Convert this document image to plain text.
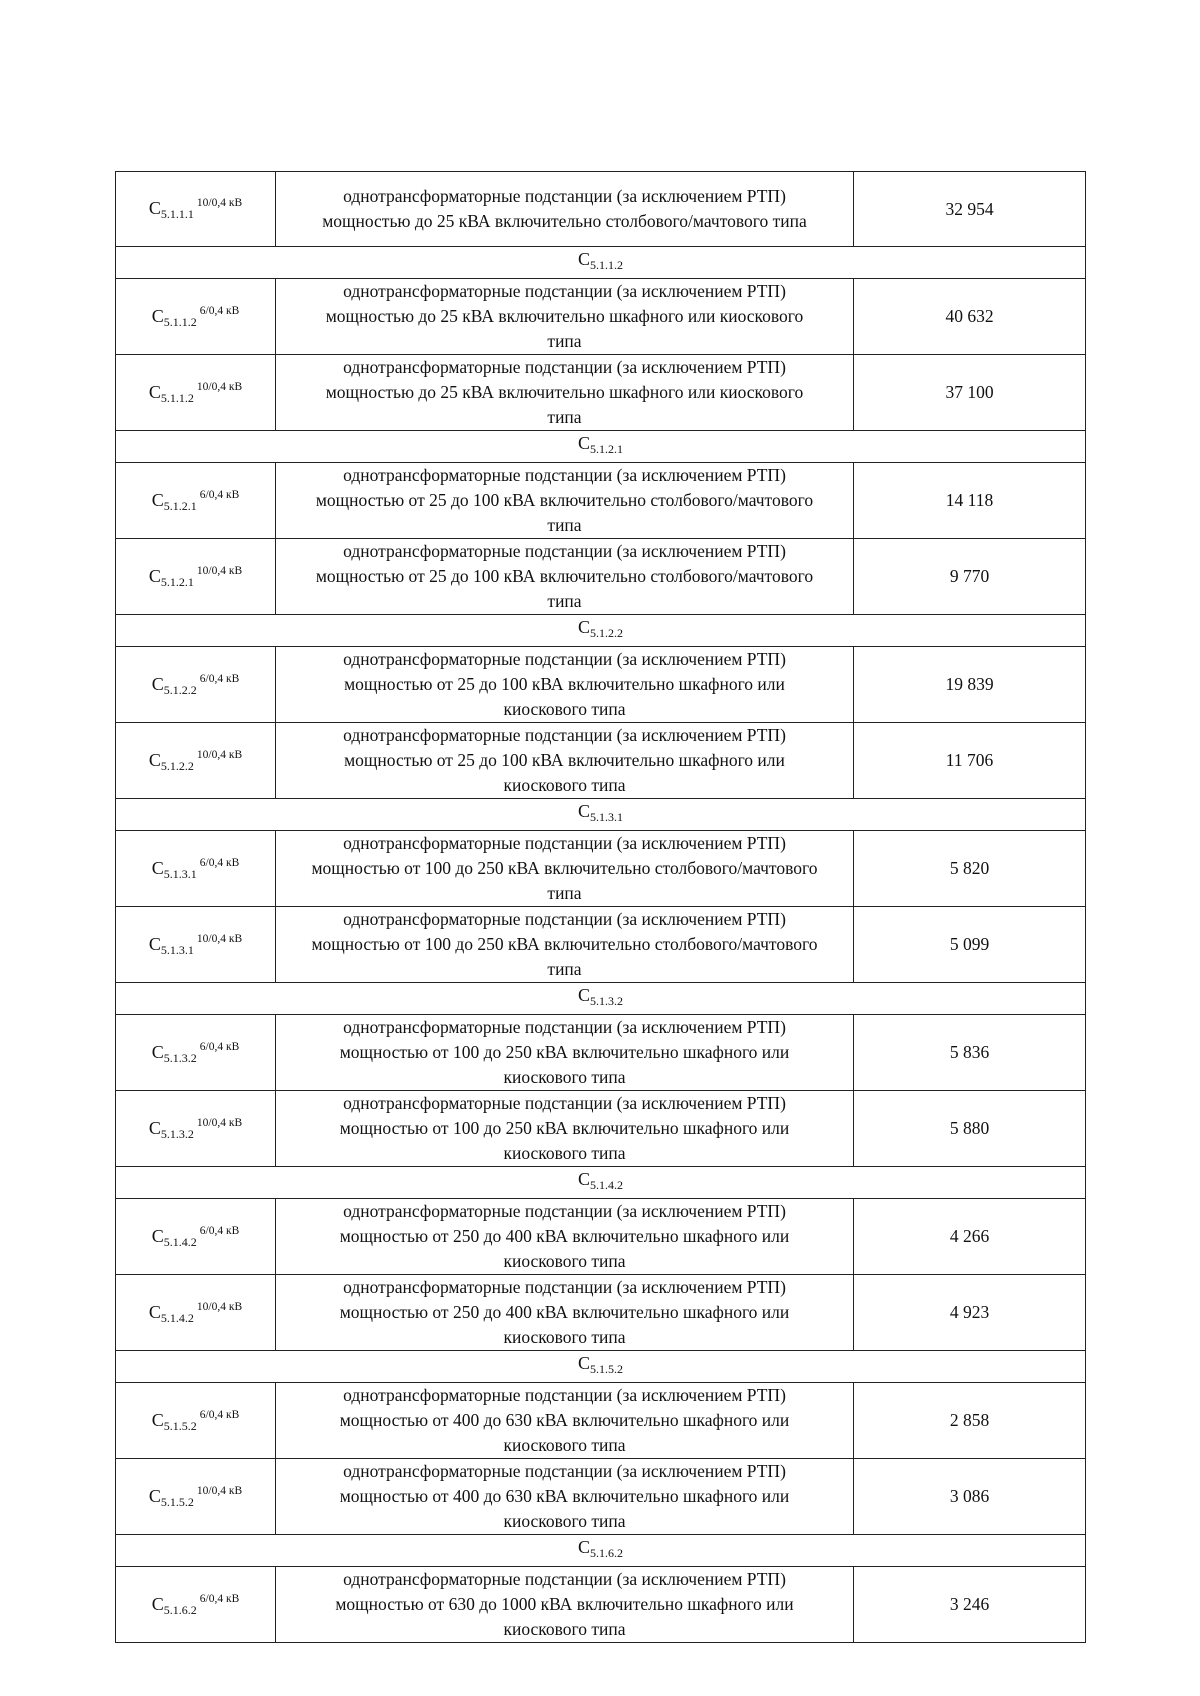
$C_{5.1.1.1}^{10/0,4 кВ}$	однотрансформаторные подстанции (за исключением РТП)
мощностью до 25 кВА включительно столбового/мачтового типа	32 954
$C_{5.1.1.2}$
$C_{5.1.1.2}^{6/0,4 кВ}$	однотрансформаторные подстанции (за исключением РТП)
мощностью до 25 кВА включительно шкафного или киоскового
типа	40 632
$C_{5.1.1.2}^{10/0,4 кВ}$	однотрансформаторные подстанции (за исключением РТП)
мощностью до 25 кВА включительно шкафного или киоскового
типа	37 100
$C_{5.1.2.1}$
$C_{5.1.2.1}^{6/0,4 кВ}$	однотрансформаторные подстанции (за исключением РТП)
мощностью от 25 до 100 кВА включительно столбового/мачтового
типа	14 118
$C_{5.1.2.1}^{10/0,4 кВ}$	однотрансформаторные подстанции (за исключением РТП)
мощностью от 25 до 100 кВА включительно столбового/мачтового
типа	9 770
$C_{5.1.2.2}$
$C_{5.1.2.2}^{6/0,4 кВ}$	однотрансформаторные подстанции (за исключением РТП)
мощностью от 25 до 100 кВА включительно шкафного или
киоскового типа	19 839
$C_{5.1.2.2}^{10/0,4 кВ}$	однотрансформаторные подстанции (за исключением РТП)
мощностью от 25 до 100 кВА включительно шкафного или
киоскового типа	11 706
$C_{5.1.3.1}$
$C_{5.1.3.1}^{6/0,4 кВ}$	однотрансформаторные подстанции (за исключением РТП)
мощностью от 100 до 250 кВА включительно столбового/мачтового
типа	5 820
$C_{5.1.3.1}^{10/0,4 кВ}$	однотрансформаторные подстанции (за исключением РТП)
мощностью от 100 до 250 кВА включительно столбового/мачтового
типа	5 099
$C_{5.1.3.2}$
$C_{5.1.3.2}^{6/0,4 кВ}$	однотрансформаторные подстанции (за исключением РТП)
мощностью от 100 до 250 кВА включительно шкафного или
киоскового типа	5 836
$C_{5.1.3.2}^{10/0,4 кВ}$	однотрансформаторные подстанции (за исключением РТП)
мощностью от 100 до 250 кВА включительно шкафного или
киоскового типа	5 880
$C_{5.1.4.2}$
$C_{5.1.4.2}^{6/0,4 кВ}$	однотрансформаторные подстанции (за исключением РТП)
мощностью от 250 до 400 кВА включительно шкафного или
киоскового типа	4 266
$C_{5.1.4.2}^{10/0,4 кВ}$	однотрансформаторные подстанции (за исключением РТП)
мощностью от 250 до 400 кВА включительно шкафного или
киоскового типа	4 923
$C_{5.1.5.2}$
$C_{5.1.5.2}^{6/0,4 кВ}$	однотрансформаторные подстанции (за исключением РТП)
мощностью от 400 до 630 кВА включительно шкафного или
киоскового типа	2 858
$C_{5.1.5.2}^{10/0,4 кВ}$	однотрансформаторные подстанции (за исключением РТП)
мощностью от 400 до 630 кВА включительно шкафного или
киоскового типа	3 086
$C_{5.1.6.2}$
$C_{5.1.6.2}^{6/0,4 кВ}$	однотрансформаторные подстанции (за исключением РТП)
мощностью от 630 до 1000 кВА включительно шкафного или
киоскового типа	3 246
